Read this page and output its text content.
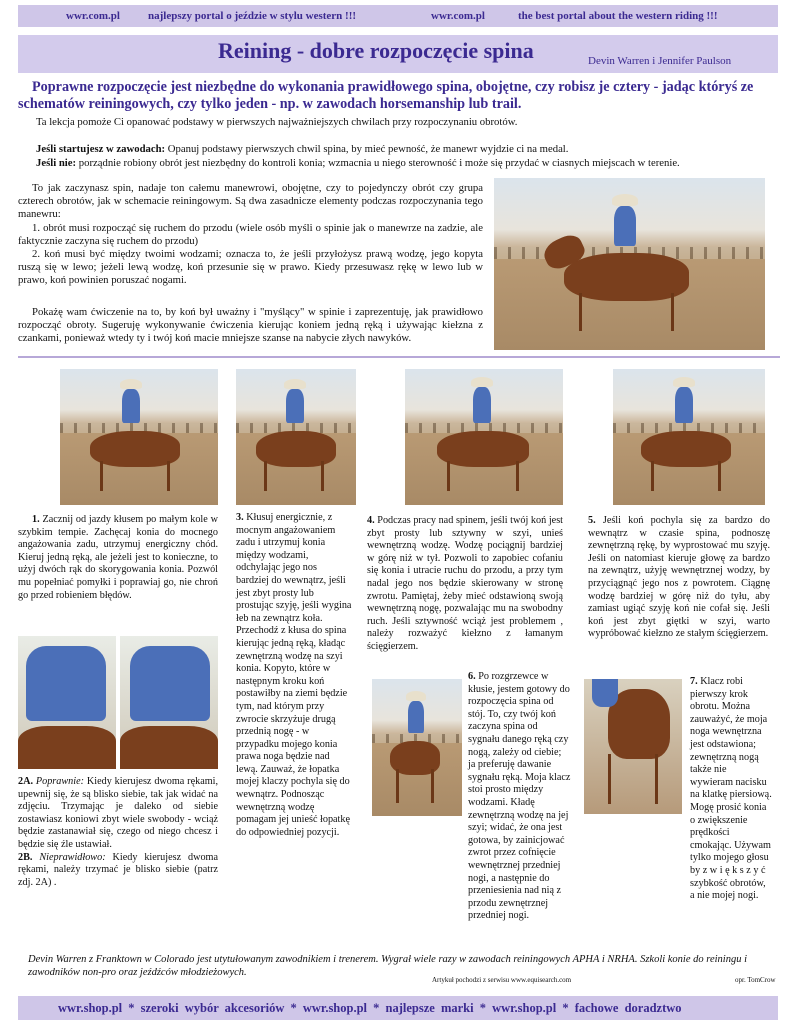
wwr.com.pl	najlepszy portal o jeździe w stylu western !!!	wwr.com.pl	the best portal about the western riding !!!
Reining - dobre rozpoczęcie spina	Devin Warren i Jennifer Paulson
Poprawne rozpoczęcie jest niezbędne do wykonania prawidłowego spina, obojętne, czy robisz je cztery - jadąc któryś ze schematów reiningowych, czy tylko jeden - np. w zawodach horsemanship lub trail.
Ta lekcja pomoże Ci opanować podstawy w pierwszych najważniejszych chwilach przy rozpoczynaniu obrotów.
Jeśli startujesz w zawodach: Opanuj podstawy pierwszych chwil spina, by mieć pewność, że manewr wyjdzie ci na medal.
Jeśli nie: porządnie robiony obrót jest niezbędny do kontroli konia; wzmacnia u niego sterowność i może się przydać w ciasnych miejscach w terenie.
To jak zaczynasz spin, nadaje ton całemu manewrowi, obojętne, czy to pojedynczy obrót czy grupa czterech obrotów, jak w schemacie reiningowym. Są dwa zasadnicze elementy podczas rozpoczynania tego manewru:
1. obrót musi rozpocząć się ruchem do przodu (wiele osób myśli o spinie jak o manewrze na zadzie, ale faktycznie zaczyna się ruchem do przodu)
2. koń musi być między twoimi wodzami; oznacza to, że jeśli przyłożysz prawą wodzę, jego kopyta ruszą się w lewo; jeżeli lewą wodzę, koń przesunie się w prawo. Kiedy przesuwasz rękę w lewo lub w prawo, koń powinien poruszać nogami.
Pokażę wam ćwiczenie na to, by koń był uważny i "myślący" w spinie i zaprezentuję, jak prawidłowo rozpocząć obroty. Sugeruję wykonywanie ćwiczenia kierując koniem jedną ręką i używając kiełzna z czankami, ponieważ wtedy ty i twój koń macie mniejsze szanse na nabycie złych nawyków.
1. Zacznij od jazdy kłusem po małym kole w szybkim tempie. Zachęcaj konia do mocnego angażowania zadu, utrzymuj energiczny chód. Kieruj jedną ręką, ale jeżeli jest to konieczne, to użyj dwóch rąk do skorygowania konia. Pozwól mu popełniać pomyłki i poprawiaj go, nie chroń go przed robieniem błędów.
3. Kłusuj energicznie, z mocnym angażowaniem zadu i utrzymuj konia między wodzami, odchylając jego nos bardziej do wewnątrz, jeśli jest zbyt prosty lub prostując szyję, jeśli wygina łeb na zewnątrz koła. Przechodź z kłusa do spina kierując jedną ręką, kładąc zewnętrzną wodzę na szyi konia. Kopyto, które w następnym kroku koń postawiłby na ziemi będzie tym, nad którym przy zwrocie skrzyżuje drugą przednią nogę - w przypadku mojego konia prawa noga będzie nad lewą. Zauważ, że łopatka mojej klaczy pochyla się do wewnątrz. Podnosząc wewnętrzną wodzę pomagam jej unieść łopatkę do odpowiedniej pozycji.
4. Podczas pracy nad spinem, jeśli twój koń jest zbyt prosty lub sztywny w szyi, unieś wewnętrzną wodzę. Wodzę pociągnij bardziej w górę niż w tył. Pozwoli to zapobiec cofaniu się konia i utracie ruchu do przodu, a przy tym nadal jego nos będzie skierowany w stronę zwrotu. Pamiętaj, żeby mieć odstawioną swoją wewnętrzną nogę, pozwalając mu na swobodny ruch. Jeśli sztywność wciąż jest problemem , należy rozważyć kiełzno z łamanym ścięgierzem.
5. Jeśli koń pochyla się za bardzo do wewnątrz w czasie spina, podnoszę zewnętrzną rękę, by wyprostować mu szyję. Jeśli on natomiast kieruje głowę za bardzo na zewnątrz, użyję wewnętrznej wodzy, by przyciągnąć jego nos z powrotem. Ciągnę wodzę bardziej w górę niż do tyłu, aby zamiast ugiąć szyję koń nie cofał się. Jeśli koń jest zbyt giętki w szyi, warto wypróbować kiełzno ze stałym ścięgierzem.
2A. Poprawnie: Kiedy kierujesz dwoma rękami, upewnij się, że są blisko siebie, tak jak widać na zdjęciu. Trzymając je daleko od siebie zostawiasz koniowi zbyt wiele swobody - wciąż będzie zastanawiał się, czego od niego chcesz i będzie się źle ustawiał.
2B. Nieprawidłowo: Kiedy kierujesz dwoma rękami, należy trzymać je blisko siebie (patrz zdj. 2A) .
6. Po rozgrzewce w kłusie, jestem gotowy do rozpoczęcia spina od stój. To, czy twój koń zaczyna spina od sygnału danego ręką czy nogą, zależy od ciebie; ja preferuję dawanie sygnału ręką. Moja klacz stoi prosto między wodzami. Kładę zewnętrzną wodzę na jej szyi; widać, że ona jest gotowa, by zainicjować zwrot przez cofnięcie wewnętrznej przedniej nogi, a następnie do przeniesienia nad nią z przodu zewnętrznej przedniej nogi.
7. Klacz robi pierwszy krok obrotu. Można zauważyć, że moja noga wewnętrzna jest odstawiona; zewnętrzną nogą także nie wywieram nacisku na klatkę piersiową. Mogę prosić konia o zwiększenie prędkości cmokając. Używam tylko mojego głosu by z w i ę k s z y ć szybkość obrotów, a nie mojej nogi.
Devin Warren z Franktown w Colorado jest utytułowanym zawodnikiem i trenerem. Wygrał wiele razy w zawodach reiningowych APHA i NRHA. Szkoli konie do reiningu i zawodników non-pro oraz jeźdźców młodzieżowych.
Artykuł pochodzi z serwisu www.equisearch.com	opr. TomCrow
wwr.shop.pl * szeroki wybór akcesoriów * wwr.shop.pl * najlepsze marki * wwr.shop.pl * fachowe doradztwo
